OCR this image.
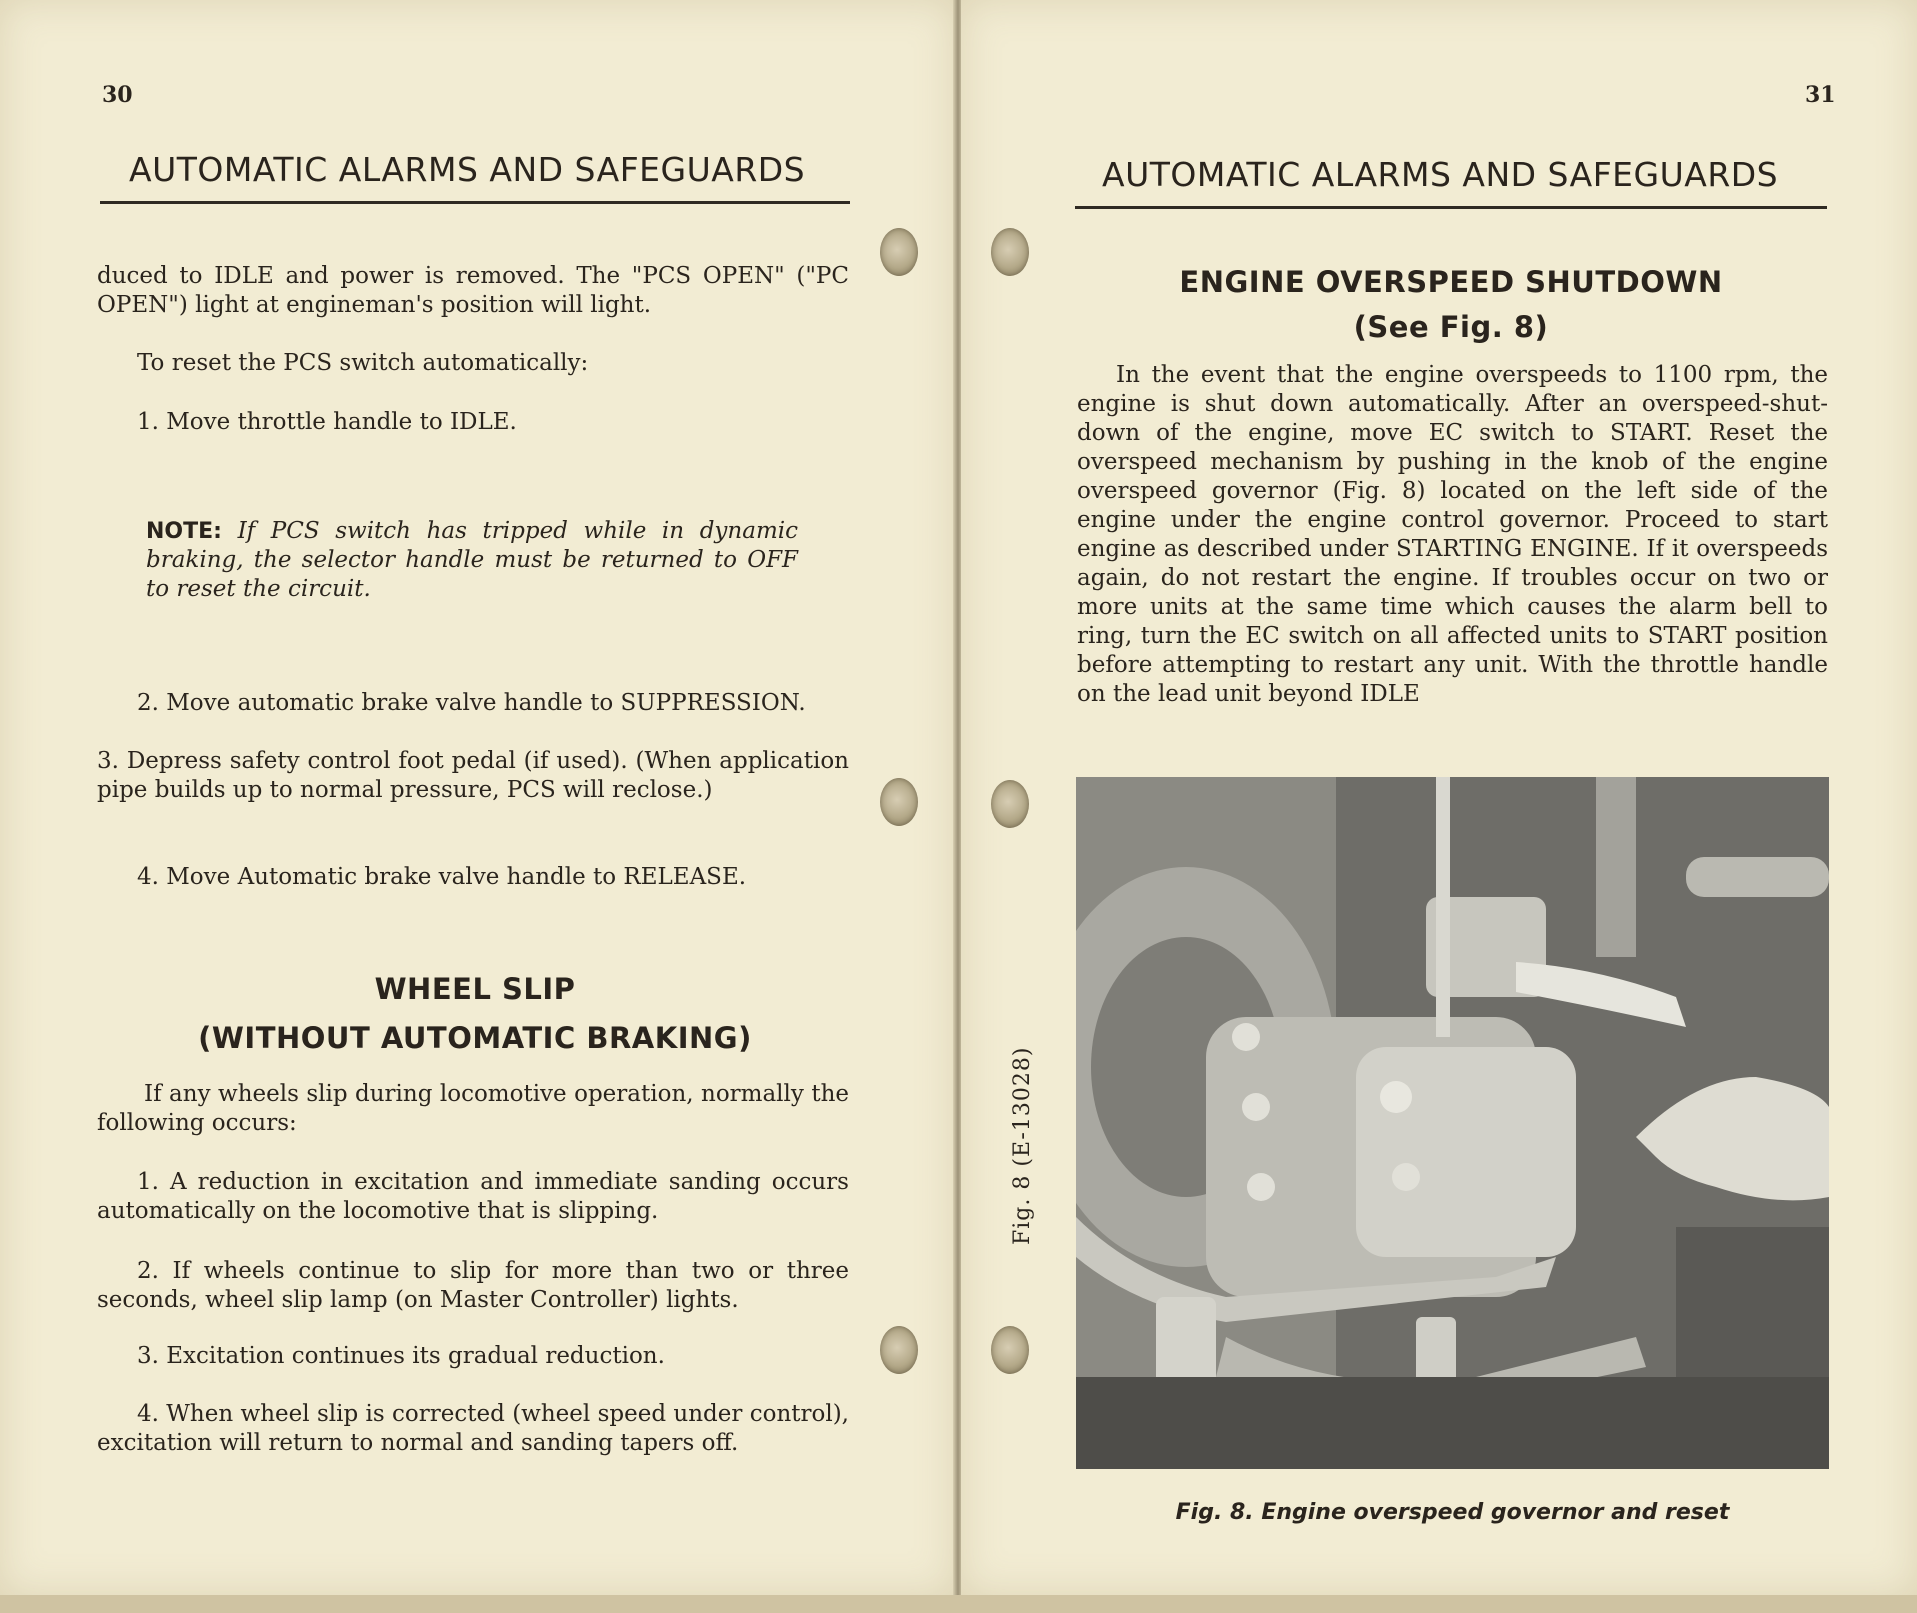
30
AUTOMATIC ALARMS AND SAFEGUARDS
duced to IDLE and power is removed. The "PCS OPEN" ("PC OPEN") light at engineman's position will light.
To reset the PCS switch automatically:
1. Move throttle handle to IDLE.
NOTE: If PCS switch has tripped while in dynamic braking, the selector handle must be returned to OFF to reset the circuit.
2. Move automatic brake valve handle to SUPPRESSION.
3. Depress safety control foot pedal (if used). (When application pipe builds up to normal pressure, PCS will reclose.)
4. Move Automatic brake valve handle to RELEASE.
WHEEL SLIP
(WITHOUT AUTOMATIC BRAKING)
If any wheels slip during locomotive operation, normally the following occurs:
1. A reduction in excitation and immediate sanding occurs automatically on the locomotive that is slipping.
2. If wheels continue to slip for more than two or three seconds, wheel slip lamp (on Master Controller) lights.
3. Excitation continues its gradual reduction.
4. When wheel slip is corrected (wheel speed under control), excitation will return to normal and sanding tapers off.
31
AUTOMATIC ALARMS AND SAFEGUARDS
ENGINE OVERSPEED SHUTDOWN
(See Fig. 8)
In the event that the engine overspeeds to 1100 rpm, the engine is shut down automatically. After an overspeed-shut-down of the engine, move EC switch to START. Reset the overspeed mechanism by pushing in the knob of the engine overspeed governor (Fig. 8) located on the left side of the engine under the engine control governor. Proceed to start engine as described under STARTING ENGINE. If it overspeeds again, do not restart the engine. If troubles occur on two or more units at the same time which causes the alarm bell to ring, turn the EC switch on all affected units to START position before attempting to restart any unit. With the throttle handle on the lead unit beyond IDLE
Fig. 8 (E-13028)
Fig. 8. Engine overspeed governor and reset
